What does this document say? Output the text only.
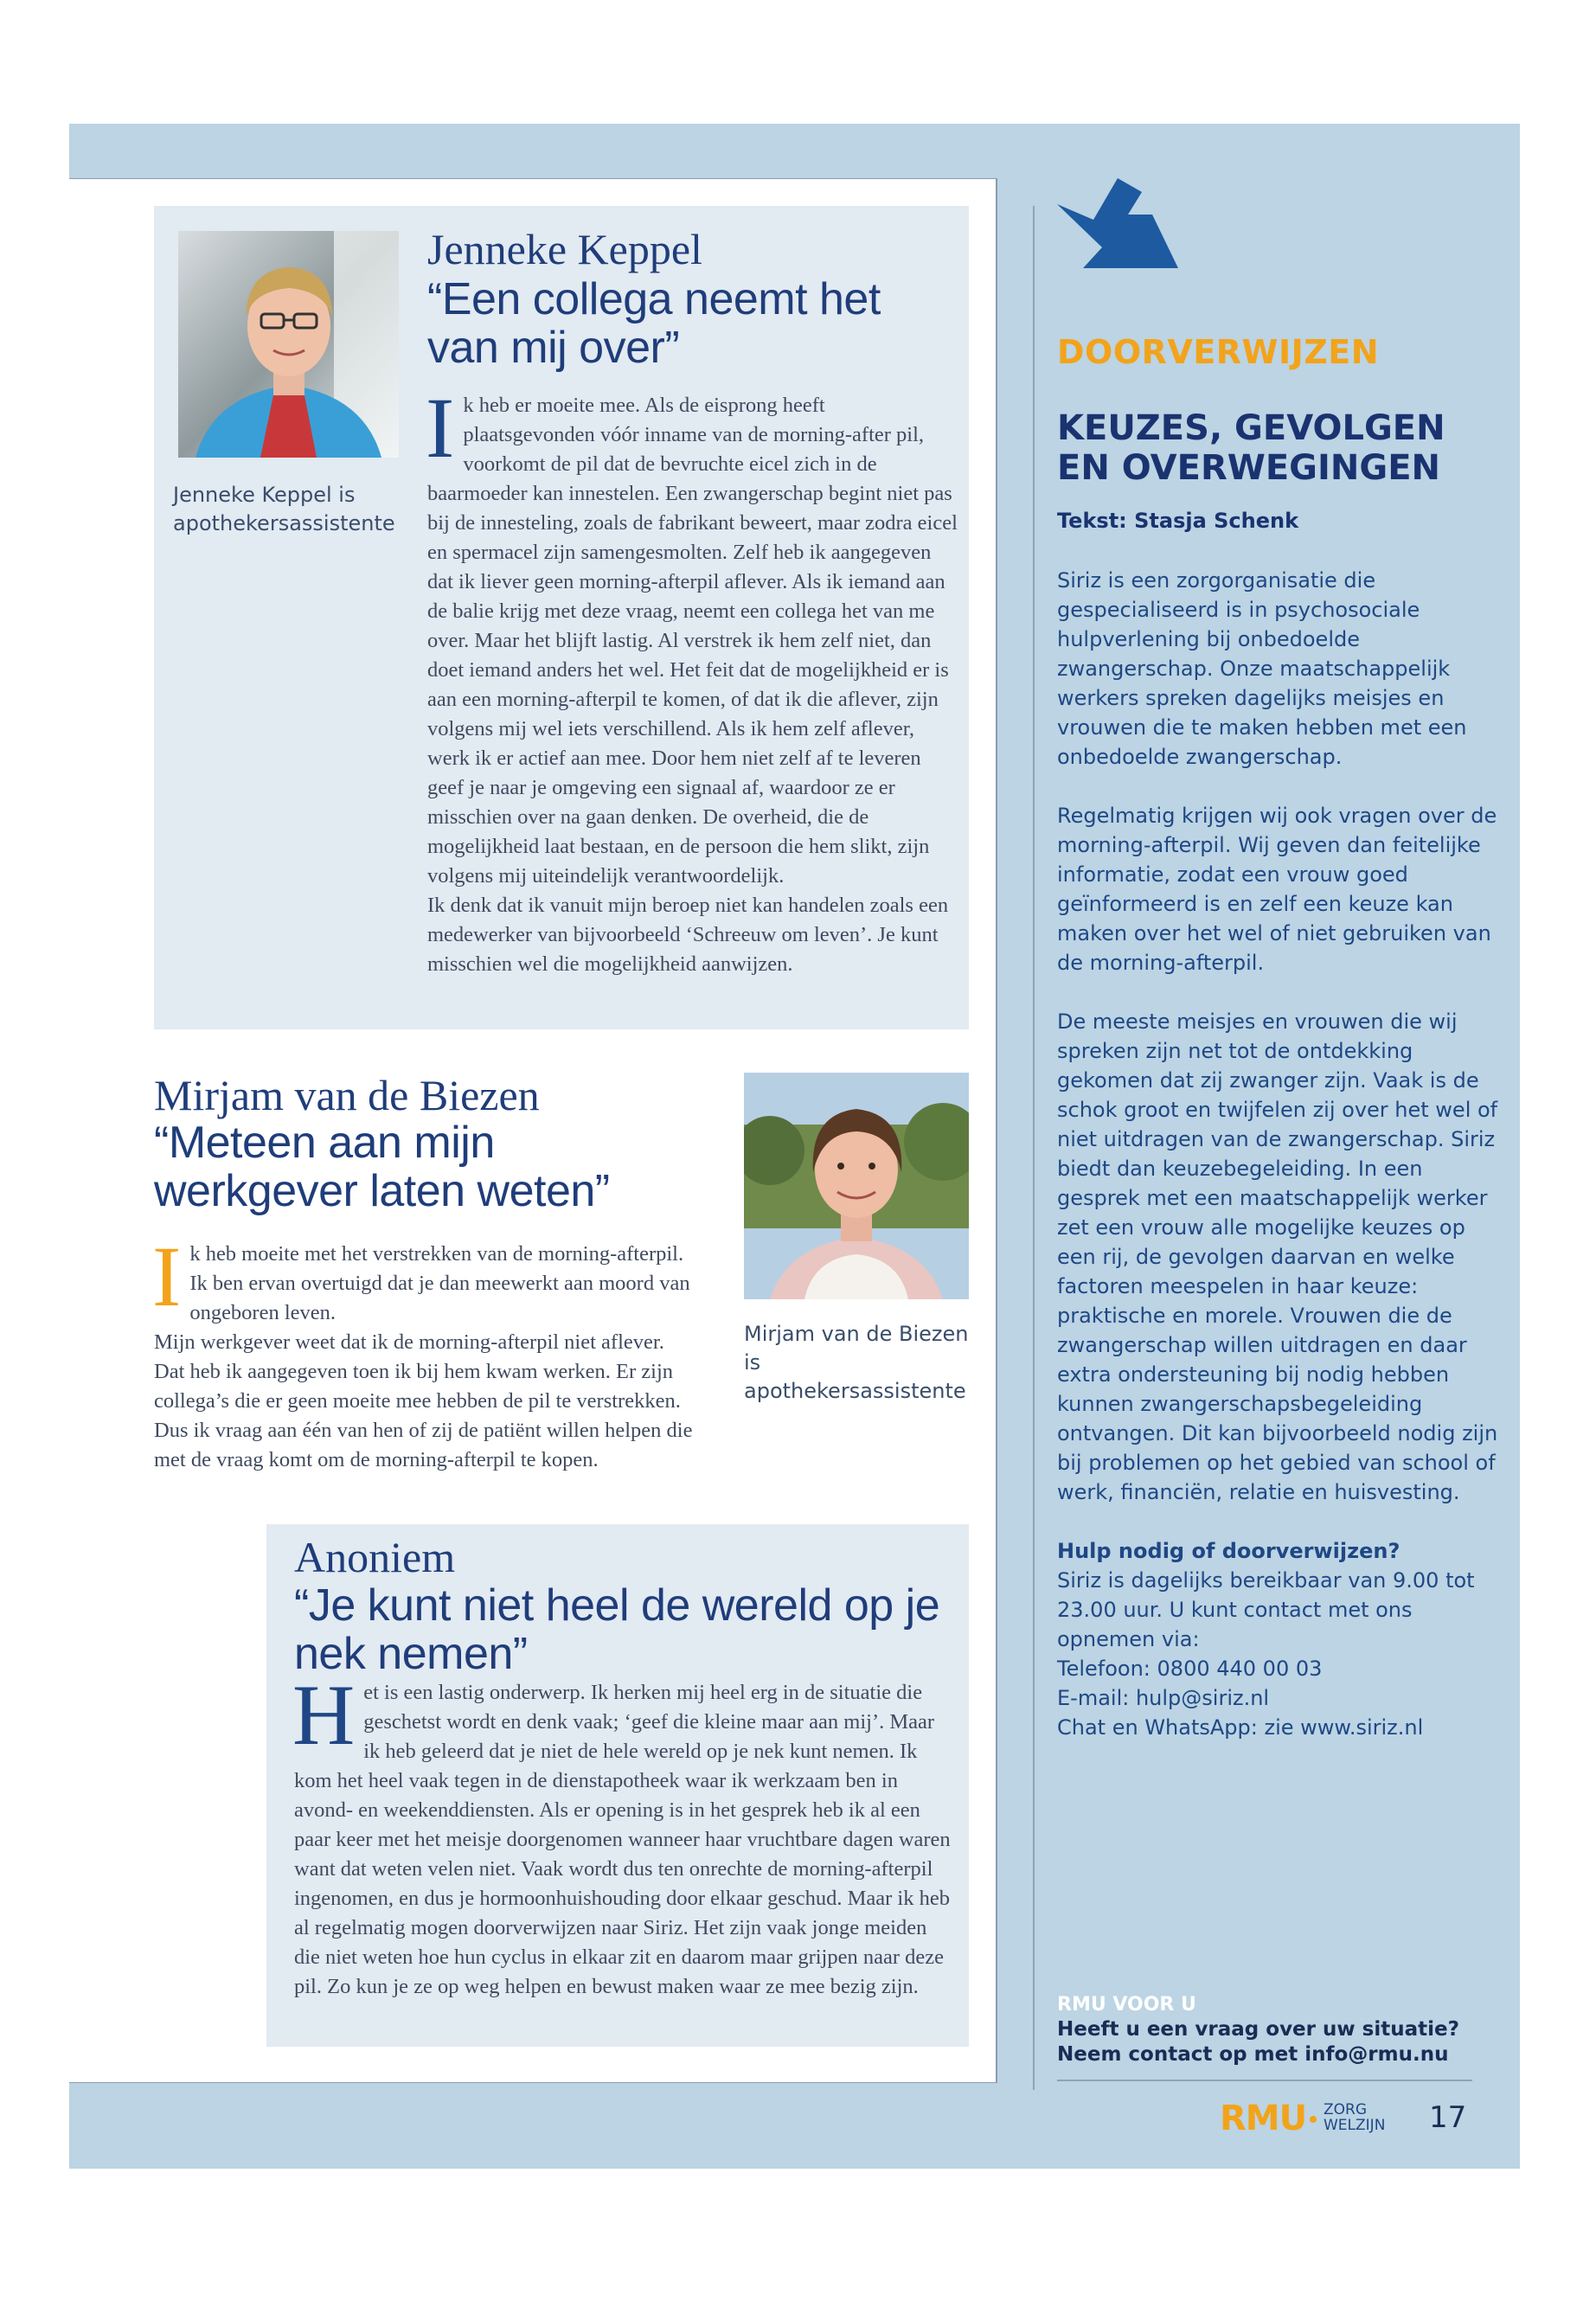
Jenneke Keppel is apothekersassistente
Jenneke Keppel
“Een collega neemt het van mij over”
I k heb er moeite mee. Als de eisprong heeft plaatsgevonden vóór inname van de morning-after pil, voorkomt de pil dat de bevruchte eicel zich in de baarmoeder kan innestelen. Een zwangerschap begint niet pas bij de innesteling, zoals de fabrikant beweert, maar zodra eicel en spermacel zijn samengesmolten. Zelf heb ik aangegeven dat ik liever geen morning-afterpil aflever. Als ik iemand aan de balie krijg met deze vraag, neemt een collega het van me over. Maar het blijft lastig. Al verstrek ik hem zelf niet, dan doet iemand anders het wel. Het feit dat de mogelijkheid er is aan een morning-afterpil te komen, of dat ik die aflever, zijn volgens mij wel iets verschillend. Als ik hem zelf aflever, werk ik er actief aan mee. Door hem niet zelf af te leveren geef je naar je omgeving een signaal af, waardoor ze er misschien over na gaan denken. De overheid, die de mogelijkheid laat bestaan, en de persoon die hem slikt, zijn volgens mij uiteindelijk verantwoordelijk.

Ik denk dat ik vanuit mijn beroep niet kan handelen zoals een medewerker van bijvoorbeeld ‘Schreeuw om leven’. Je kunt misschien wel die mogelijkheid aanwijzen.

Mirjam van de Biezen
“Meteen aan mijn werkgever laten weten”
I k heb moeite met het verstrekken van de morning-afterpil. Ik ben ervan overtuigd dat je dan meewerkt aan moord van ongeboren leven.

Mijn werkgever weet dat ik de morning-afterpil niet aflever. Dat heb ik aangegeven toen ik bij hem kwam werken. Er zijn collega’s die er geen moeite mee hebben de pil te verstrekken. Dus ik vraag aan één van hen of zij de patiënt willen helpen die met de vraag komt om de morning-afterpil te kopen.

Mirjam van de Biezen is apothekersassistente
Anoniem
“Je kunt niet heel de wereld op je nek nemen”
H et is een lastig onderwerp. Ik herken mij heel erg in de situatie die geschetst wordt en denk vaak; ‘geef die kleine maar aan mij’. Maar ik heb geleerd dat je niet de hele wereld op je nek kunt nemen. Ik kom het heel vaak tegen in de dienstapotheek waar ik werkzaam ben in avond- en weekenddiensten. Als er opening is in het gesprek heb ik al een paar keer met het meisje doorgenomen wanneer haar vruchtbare dagen waren want dat weten velen niet. Vaak wordt dus ten onrechte de morning-afterpil ingenomen, en dus je hormoonhuishouding door elkaar geschud. Maar ik heb al regelmatig mogen doorverwijzen naar Siriz. Het zijn vaak jonge meiden die niet weten hoe hun cyclus in elkaar zit en daarom maar grijpen naar deze pil. Zo kun je ze op weg helpen en bewust maken waar ze mee bezig zijn.

DOORVERWIJZEN
KEUZES, GEVOLGEN EN OVERWEGINGEN
Tekst: Stasja Schenk

Siriz is een zorgorganisatie die gespecialiseerd is in psychosociale hulpverlening bij onbedoelde zwangerschap. Onze maatschappelijk werkers spreken dagelijks meisjes en vrouwen die te maken hebben met een onbedoelde zwangerschap.

Regelmatig krijgen wij ook vragen over de morning-afterpil. Wij geven dan feitelijke informatie, zodat een vrouw goed geïnformeerd is en zelf een keuze kan maken over het wel of niet gebruiken van de morning-afterpil.

De meeste meisjes en vrouwen die wij spreken zijn net tot de ontdekking gekomen dat zij zwanger zijn. Vaak is de schok groot en twijfelen zij over het wel of niet uitdragen van de zwangerschap. Siriz biedt dan keuzebegeleiding. In een gesprek met een maatschappelijk werker zet een vrouw alle mogelijke keuzes op een rij, de gevolgen daarvan en welke factoren meespelen in haar keuze: praktische en morele. Vrouwen die de zwangerschap willen uitdragen en daar extra ondersteuning bij nodig hebben kunnen zwangerschapsbegeleiding ontvangen. Dit kan bijvoorbeeld nodig zijn bij problemen op het gebied van school of werk, financiën, relatie en huisvesting.

Hulp nodig of doorverwijzen?

Siriz is dagelijks bereikbaar van 9.00 tot 23.00 uur. U kunt contact met ons opnemen via:

Telefoon: 0800 440 00 03

E-mail: hulp@siriz.nl

Chat en WhatsApp: zie www.siriz.nl

RMU VOOR U
Heeft u een vraag over uw situatie?
Neem contact op met info@rmu.nu
RMU ZORG
WELZIJN 17
